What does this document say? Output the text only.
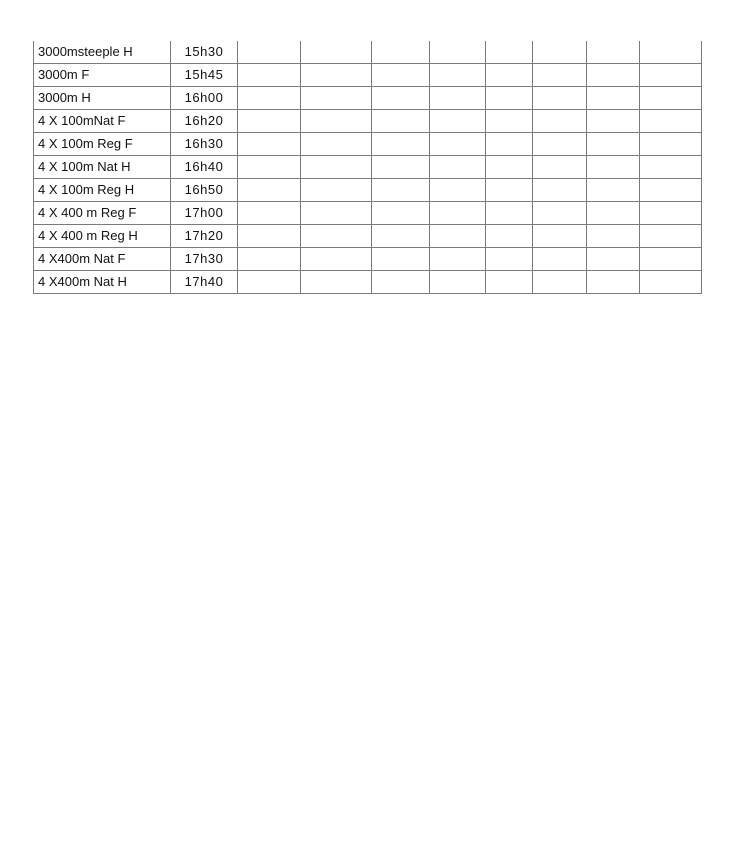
3000msteeple H	15h30								
3000m F	15h45								
3000m H	16h00								
4 X 100mNat F	16h20								
4 X 100m Reg F	16h30								
4 X 100m Nat H	16h40								
4 X 100m Reg H	16h50								
4 X 400 m Reg F	17h00								
4 X 400 m Reg H	17h20								
4 X400m Nat F	17h30								
4 X400m Nat H	17h40								
